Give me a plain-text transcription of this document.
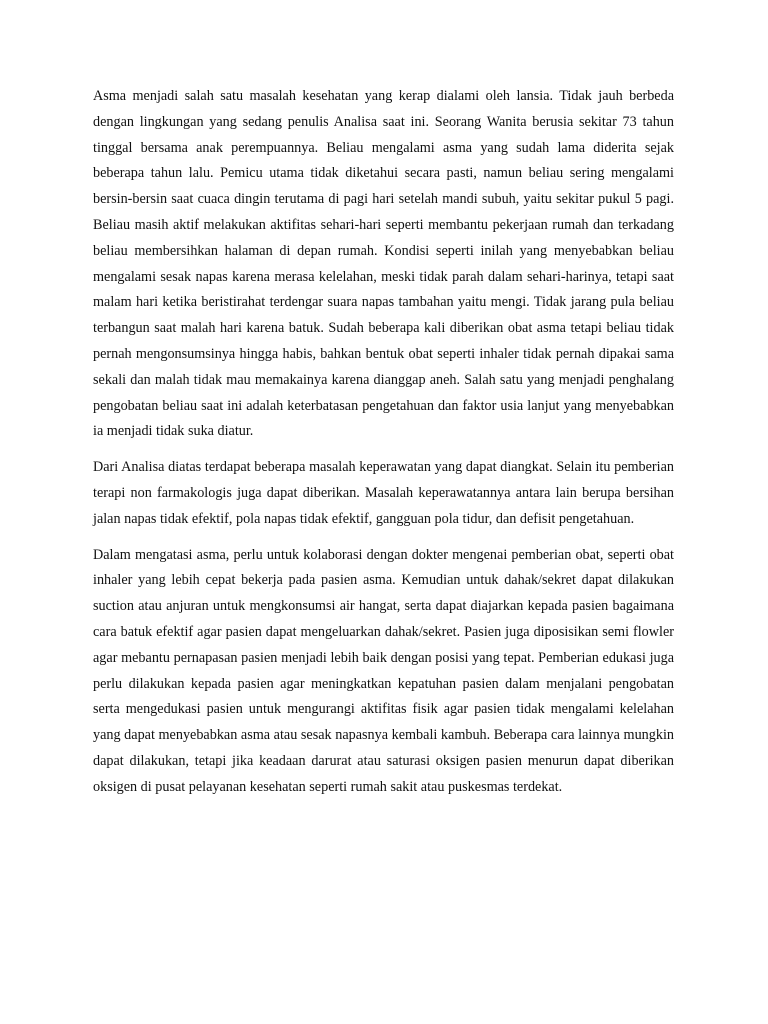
Asma menjadi salah satu masalah kesehatan yang kerap dialami oleh lansia. Tidak jauh berbeda dengan lingkungan yang sedang penulis Analisa saat ini. Seorang Wanita berusia sekitar 73 tahun tinggal bersama anak perempuannya. Beliau mengalami asma yang sudah lama diderita sejak beberapa tahun lalu. Pemicu utama tidak diketahui secara pasti, namun beliau sering mengalami bersin-bersin saat cuaca dingin terutama di pagi hari setelah mandi subuh, yaitu sekitar pukul 5 pagi. Beliau masih aktif melakukan aktifitas sehari-hari seperti membantu pekerjaan rumah dan terkadang beliau membersihkan halaman di depan rumah. Kondisi seperti inilah yang menyebabkan beliau mengalami sesak napas karena merasa kelelahan, meski tidak parah dalam sehari-harinya, tetapi saat malam hari ketika beristirahat terdengar suara napas tambahan yaitu mengi. Tidak jarang pula beliau terbangun saat malah hari karena batuk. Sudah beberapa kali diberikan obat asma tetapi beliau tidak pernah mengonsumsinya hingga habis, bahkan bentuk obat seperti inhaler tidak pernah dipakai sama sekali dan malah tidak mau memakainya karena dianggap aneh. Salah satu yang menjadi penghalang pengobatan beliau saat ini adalah keterbatasan pengetahuan dan faktor usia lanjut yang menyebabkan ia menjadi tidak suka diatur.

Dari Analisa diatas terdapat beberapa masalah keperawatan yang dapat diangkat. Selain itu pemberian terapi non farmakologis juga dapat diberikan. Masalah keperawatannya antara lain berupa bersihan jalan napas tidak efektif, pola napas tidak efektif, gangguan pola tidur, dan defisit pengetahuan.

Dalam mengatasi asma, perlu untuk kolaborasi dengan dokter mengenai pemberian obat, seperti obat inhaler yang lebih cepat bekerja pada pasien asma. Kemudian untuk dahak/sekret dapat dilakukan suction atau anjuran untuk mengkonsumsi air hangat, serta dapat diajarkan kepada pasien bagaimana cara batuk efektif agar pasien dapat mengeluarkan dahak/sekret. Pasien juga diposisikan semi flowler agar mebantu pernapasan pasien menjadi lebih baik dengan posisi yang tepat. Pemberian edukasi juga perlu dilakukan kepada pasien agar meningkatkan kepatuhan pasien dalam menjalani pengobatan serta mengedukasi pasien untuk mengurangi aktifitas fisik agar pasien tidak mengalami kelelahan yang dapat menyebabkan asma atau sesak napasnya kembali kambuh. Beberapa cara lainnya mungkin dapat dilakukan, tetapi jika keadaan darurat atau saturasi oksigen pasien menurun dapat diberikan oksigen di pusat pelayanan kesehatan seperti rumah sakit atau puskesmas terdekat.
